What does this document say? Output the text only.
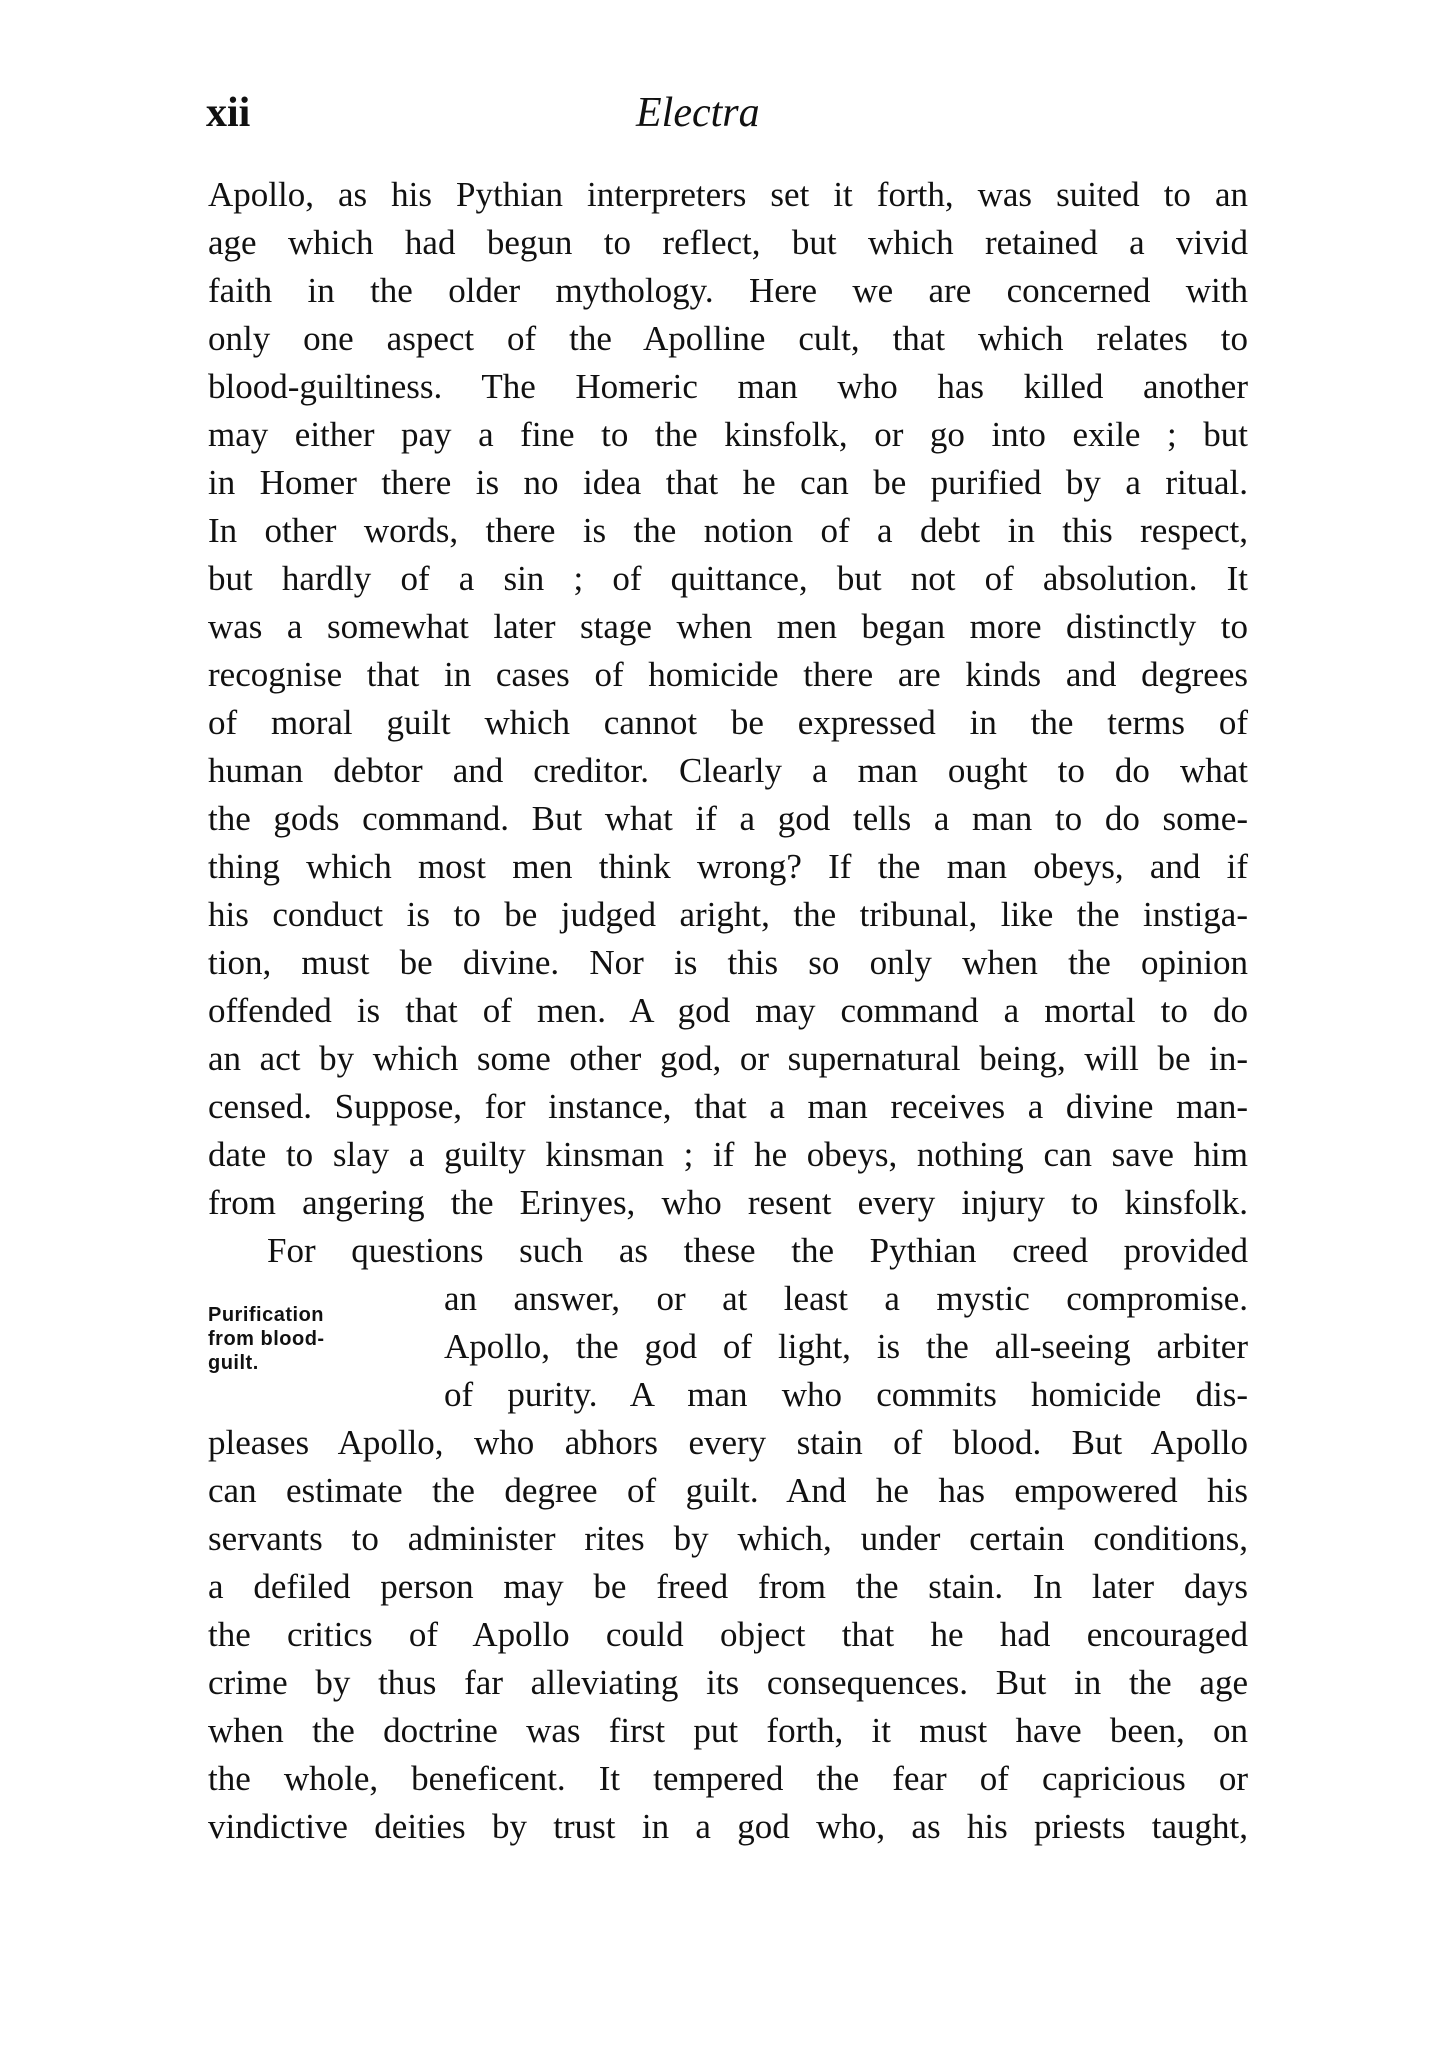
xii	Electra
Apollo, as his Pythian interpreters set it forth, was suited to an
age which had begun to reflect, but which retained a vivid
faith in the older mythology. Here we are concerned with
only one aspect of the Apolline cult, that which relates to
blood-guiltiness. The Homeric man who has killed another
may either pay a fine to the kinsfolk, or go into exile ; but
in Homer there is no idea that he can be purified by a ritual.
In other words, there is the notion of a debt in this respect,
but hardly of a sin ; of quittance, but not of absolution. It
was a somewhat later stage when men began more distinctly to
recognise that in cases of homicide there are kinds and degrees
of moral guilt which cannot be expressed in the terms of
human debtor and creditor. Clearly a man ought to do what
the gods command. But what if a god tells a man to do some-
thing which most men think wrong? If the man obeys, and if
his conduct is to be judged aright, the tribunal, like the instiga-
tion, must be divine. Nor is this so only when the opinion
offended is that of men. A god may command a mortal to do
an act by which some other god, or supernatural being, will be in-
censed. Suppose, for instance, that a man receives a divine man-
date to slay a guilty kinsman ; if he obeys, nothing can save him
from angering the Erinyes, who resent every injury to kinsfolk.
For questions such as these the Pythian creed provided
Purification
from blood-
guilt.
an answer, or at least a mystic compromise.
Apollo, the god of light, is the all-seeing arbiter
of purity. A man who commits homicide dis-
pleases Apollo, who abhors every stain of blood. But Apollo
can estimate the degree of guilt. And he has empowered his
servants to administer rites by which, under certain conditions,
a defiled person may be freed from the stain. In later days
the critics of Apollo could object that he had encouraged
crime by thus far alleviating its consequences. But in the age
when the doctrine was first put forth, it must have been, on
the whole, beneficent. It tempered the fear of capricious or
vindictive deities by trust in a god who, as his priests taught,
